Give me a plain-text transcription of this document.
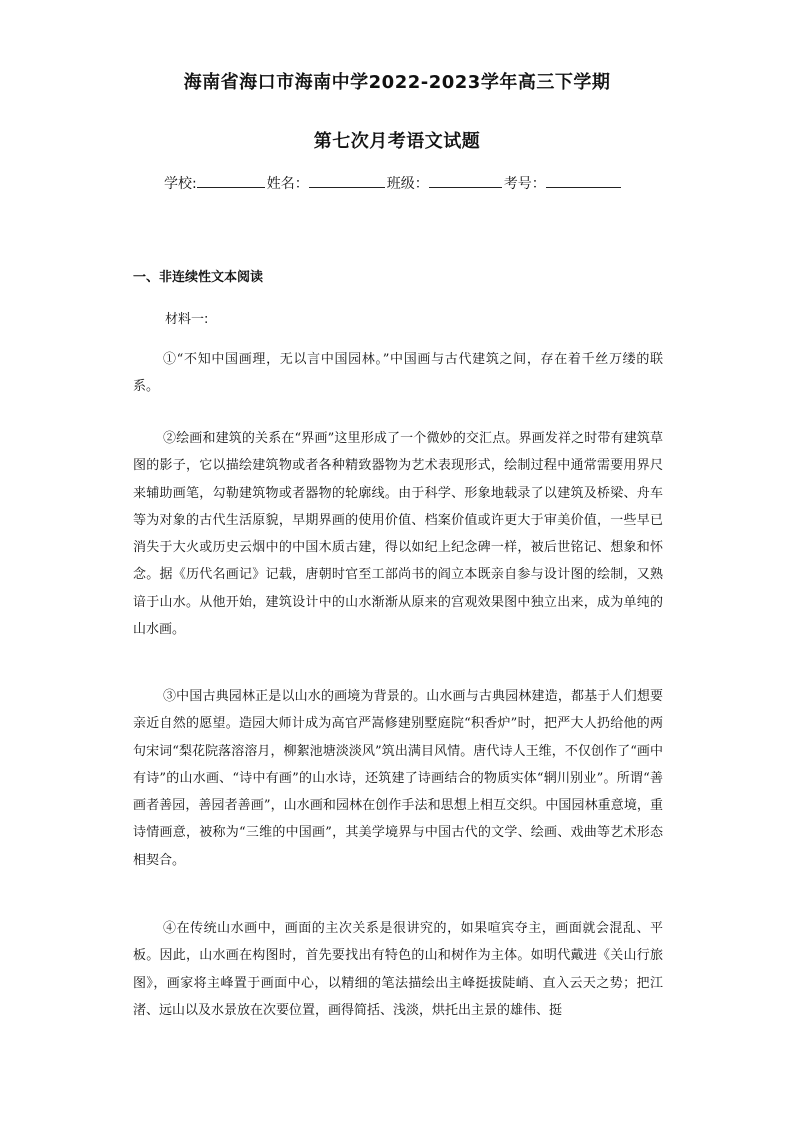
海南省海口市海南中学2022-2023学年高三下学期
第七次月考语文试题
学校:	姓名：	班级：	考号：
一、非连续性文本阅读
材料一:
①“不知中国画理，无以言中国园林。”中国画与古代建筑之间，存在着千丝万缕的联系。
②绘画和建筑的关系在“界画”这里形成了一个微妙的交汇点。界画发祥之时带有建筑草图的影子，它以描绘建筑物或者各种精致器物为艺术表现形式，绘制过程中通常需要用界尺来辅助画笔，勾勒建筑物或者器物的轮廓线。由于科学、形象地载录了以建筑及桥梁、舟车等为对象的古代生活原貌，早期界画的使用价值、档案价值或许更大于审美价值，一些早已消失于大火或历史云烟中的中国木质古建，得以如纪上纪念碑一样，被后世铭记、想象和怀念。据《历代名画记》记载，唐朝时官至工部尚书的阎立本既亲自参与设计图的绘制，又熟谙于山水。从他开始，建筑设计中的山水渐渐从原来的宫观效果图中独立出来，成为单纯的山水画。
③中国古典园林正是以山水的画境为背景的。山水画与古典园林建造，都基于人们想要亲近自然的愿望。造园大师计成为高官严嵩修建别墅庭院“积香炉”时，把严大人扔给他的两句宋词“梨花院落溶溶月，柳絮池塘淡淡风”筑出满目风情。唐代诗人王维，不仅创作了“画中有诗”的山水画、“诗中有画”的山水诗，还筑建了诗画结合的物质实体“辋川别业”。所谓“善画者善园，善园者善画”，山水画和园林在创作手法和思想上相互交织。中国园林重意境，重诗情画意，被称为“三维的中国画”，其美学境界与中国古代的文学、绘画、戏曲等艺术形态相契合。
④在传统山水画中，画面的主次关系是很讲究的，如果喧宾夺主，画面就会混乱、平板。因此，山水画在构图时，首先要找出有特色的山和树作为主体。如明代戴进《关山行旅图》，画家将主峰置于画面中心，以精细的笔法描绘出主峰挺拔陡峭、直入云天之势；把江渚、远山以及水景放在次要位置，画得简括、浅淡，烘托出主景的雄伟、挺
